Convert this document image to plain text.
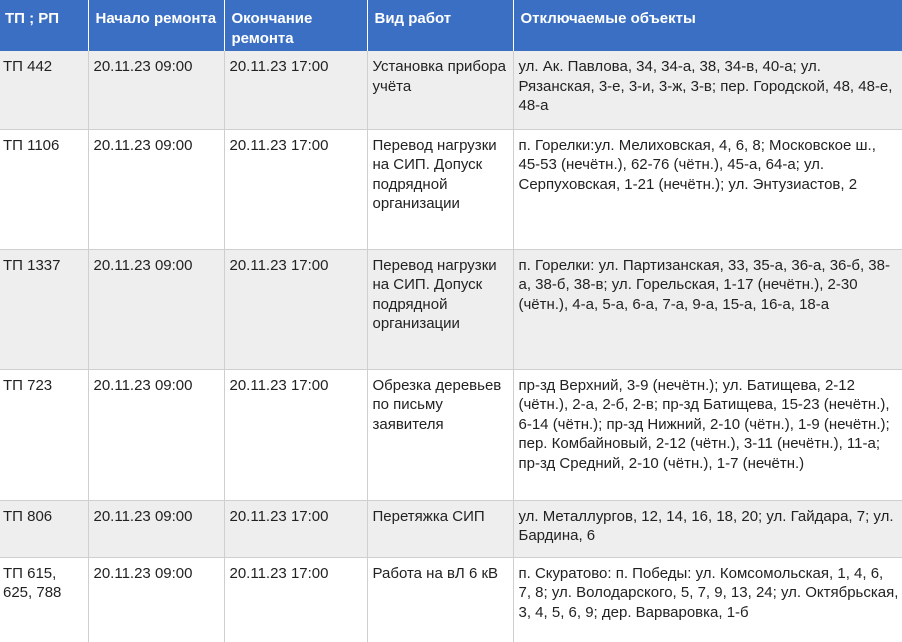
ТП ; РП	Начало ремонта	Окончание ремонта	Вид работ	Отключаемые объекты
ТП 442	20.11.23 09:00	20.11.23 17:00	Установка прибора учёта	ул. Ак. Павлова, 34, 34-а, 38, 34-в, 40-а; ул. Рязанская, 3-е, 3-и, 3-ж, 3-в; пер. Городской, 48, 48-е, 48-а
ТП 1106	20.11.23 09:00	20.11.23 17:00	Перевод нагрузки на СИП. Допуск подрядной организации	п. Горелки:ул. Мелиховская, 4, 6, 8; Московское ш., 45-53 (нечётн.), 62-76 (чётн.), 45-а, 64-а; ул. Серпуховская, 1-21 (нечётн.); ул. Энтузиастов, 2
ТП 1337	20.11.23 09:00	20.11.23 17:00	Перевод нагрузки на СИП. Допуск подрядной организации	п. Горелки: ул. Партизанская, 33, 35-а, 36-а, 36-б, 38-а, 38-б, 38-в; ул. Горельская, 1-17 (нечётн.), 2-30 (чётн.), 4-а, 5-а, 6-а, 7-а, 9-а, 15-а, 16-а, 18-а
ТП 723	20.11.23 09:00	20.11.23 17:00	Обрезка деревьев по письму заявителя	пр-зд Верхний, 3-9 (нечётн.); ул. Батищева, 2-12 (чётн.), 2-а, 2-б, 2-в; пр-зд Батищева, 15-23 (нечётн.), 6-14 (чётн.); пр-зд Нижний, 2-10 (чётн.), 1-9 (нечётн.); пер. Комбайновый, 2-12 (чётн.), 3-11 (нечётн.), 11-а; пр-зд Средний, 2-10 (чётн.), 1-7 (нечётн.)
ТП 806	20.11.23 09:00	20.11.23 17:00	Перетяжка СИП	ул. Металлургов, 12, 14, 16, 18, 20; ул. Гайдара, 7; ул. Бардина, 6
ТП 615, 625, 788	20.11.23 09:00	20.11.23 17:00	Работа на вЛ 6 кВ	п. Скуратово: п. Победы: ул. Комсомольская, 1, 4, 6, 7, 8; ул. Володарского, 5, 7, 9, 13, 24; ул. Октябрьская, 3, 4, 5, 6, 9; дер. Варваровка, 1-б
